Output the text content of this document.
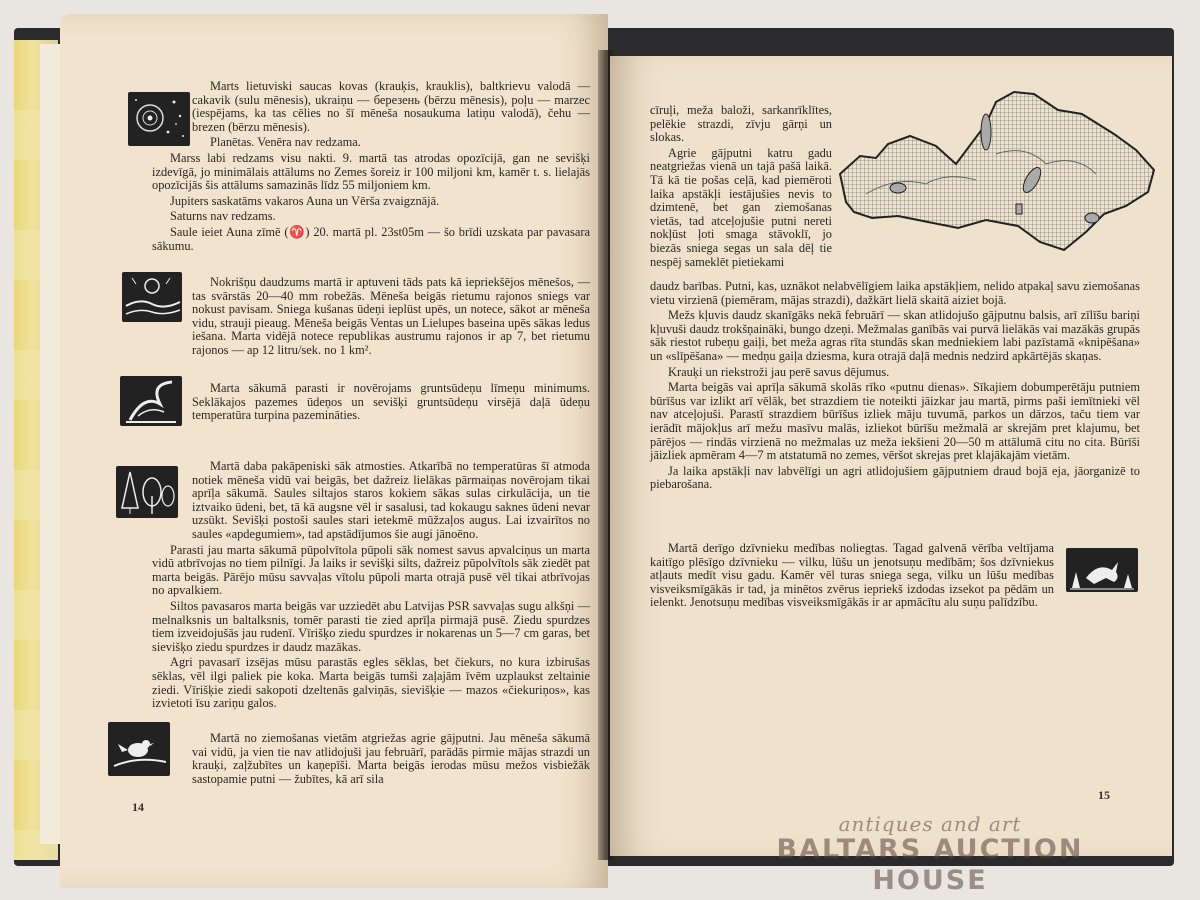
Marts lietuviski saucas kovas (krauķis, krauklis), baltkrievu valodā — cakavik (sulu mēnesis), ukraiņu — березень (bērzu mēnesis), poļu — marzec (iespējams, ka tas cēlies no šī mēneša nosaukuma latiņu valodā), čehu — brezen (bērzu mēnesis).

Planētas. Venēra nav redzama.

Marss labi redzams visu nakti. 9. martā tas atrodas opozīcijā, gan ne sevišķi izdevīgā, jo minimālais attālums no Zemes šoreiz ir 100 miljoni km, kamēr t. s. lielajās opozīcijās šis attālums samazinās līdz 55 miljoniem km.

Jupiters saskatāms vakaros Auna un Vērša zvaigznājā.

Saturns nav redzams.

Saule ieiet Auna zīmē (♈) 20. martā pl. 23st05m — šo brīdi uzskata par pavasara sākumu.

Nokrišņu daudzums martā ir aptuveni tāds pats kā iepriekšējos mēnešos, — tas svārstās 20—40 mm robežās. Mēneša beigās rietumu rajonos sniegs var nokust pavisam. Sniega kušanas ūdeņi ieplūst upēs, un notece, sākot ar mēneša vidu, strauji pieaug. Mēneša beigās Ventas un Lielupes baseina upēs sākas ledus iešana. Marta vidējā notece republikas austrumu rajonos ir ap 7, bet rietumu rajonos — ap 12 litru/sek. no 1 km².

Marta sākumā parasti ir novērojams gruntsūdeņu līmeņu minimums. Seklākajos pazemes ūdeņos un sevišķi gruntsūdeņu virsējā daļā ūdeņu temperatūra turpina pazemināties.

Martā daba pakāpeniski sāk atmosties. Atkarībā no temperatūras šī atmoda notiek mēneša vidū vai beigās, bet dažreiz lielākas pārmaiņas novērojam tikai aprīļa sākumā. Saules siltajos staros kokiem sākas sulas cirkulācija, un tie iztvaiko ūdeni, bet, tā kā augsne vēl ir sasalusi, tad kokaugu saknes ūdeni nevar uzsūkt. Sevišķi postoši saules stari ietekmē mūžzaļos augus. Lai izvairītos no saules «apdegumiem», tad apstādījumos šie augi jānoēno.

Parasti jau marta sākumā pūpolvītola pūpoli sāk nomest savus apvalciņus un marta vidū atbrīvojas no tiem pilnīgi. Ja laiks ir sevišķi silts, dažreiz pūpolvītols sāk ziedēt pat marta beigās. Pārējo mūsu savvaļas vītolu pūpoli marta otrajā pusē vēl tikai atbrīvojas no apvalkiem.

Siltos pavasaros marta beigās var uzziedēt abu Latvijas PSR savvaļas sugu alkšņi — melnalksnis un baltalksnis, tomēr parasti tie zied aprīļa pirmajā pusē. Ziedu spurdzes tiem izveidojušās jau rudenī. Vīrišķo ziedu spurdzes ir nokarenas un 5—7 cm garas, bet sievišķo ziedu spurdzes ir daudz mazākas.

Agri pavasarī izsējas mūsu parastās egles sēklas, bet čiekurs, no kura izbirušas sēklas, vēl ilgi paliek pie koka. Marta beigās tumši zaļajām īvēm uzplaukst zeltainie ziedi. Vīrišķie ziedi sakopoti dzeltenās galviņās, sievišķie — mazos «čiekuriņos», kas izvietoti īsu zariņu galos.

Martā no ziemošanas vietām atgriežas agrie gājputni. Jau mēneša sākumā vai vidū, ja vien tie nav atlidojuši jau februārī, parādās pirmie mājas strazdi un krauķi, zaļžubītes un kaņepīši. Marta beigās ierodas mūsu mežos visbiežāk sastopamie putni — žubītes, kā arī sila

14

cīruļi, meža baloži, sarkanrīklītes, pelēkie strazdi, zīvju gārņi un slokas.

Agrie gājputni katru gadu neatgriežas vienā un tajā pašā laikā. Tā kā tie pošas ceļā, kad piemēroti laika apstākļi iestājušies nevis to dzimtenē, bet gan ziemošanas vietās, tad atceļojušie putni nereti nokļūst ļoti smaga stāvoklī, jo biezās sniega segas un sala dēļ tie nespēj sameklēt pietiekami

daudz barības. Putni, kas, uznākot nelabvēlīgiem laika apstākļiem, nelido atpakaļ savu ziemošanas vietu virzienā (piemēram, mājas strazdi), dažkārt lielā skaitā aiziet bojā.

Mežs kļuvis daudz skanīgāks nekā februārī — skan atlidojušo gājputnu balsis, arī zīlīšu bariņi kļuvuši daudz trokšņaināki, bungo dzeņi. Mežmalas ganībās vai purvā lielākās vai mazākās grupās sāk riestot rubeņu gaiļi, bet meža agras rīta stundās skan medniekiem labi pazīstamā «knipēšana» un «slīpēšana» — medņu gaiļa dziesma, kura otrajā daļā mednis nedzird apkārtējās skaņas.

Krauķi un riekstroži jau perē savus dējumus.

Marta beigās vai aprīļa sākumā skolās rīko «putnu dienas». Sīkajiem dobumperētāju putniem būrīšus var izlikt arī vēlāk, bet strazdiem tie noteikti jāizkar jau martā, pirms paši iemītnieki vēl nav atceļojuši. Parastī strazdiem būrīšus izliek māju tuvumā, parkos un dārzos, taču tiem var ierādīt mājokļus arī mežu masīvu malās, izliekot būrīšu mežmalā ar skrejām pret klajumu, bet pārējos — rindās virzienā no mežmalas uz meža iekšieni 20—50 m attālumā citu no cita. Būrīši jāizliek apmēram 4—7 m atstatumā no zemes, vēršot skrejas pret klajākajām vietām.

Ja laika apstākļi nav labvēlīgi un agri atlidojušiem gājputniem draud bojā eja, jāorganizē to piebarošana.

Martā derīgo dzīvnieku medības noliegtas. Tagad galvenā vērība veltījama kaitīgo plēsīgo dzīvnieku — vilku, lūšu un jenotsuņu medībām; šos dzīvniekus atļauts medīt visu gadu. Kamēr vēl turas sniega sega, vilku un lūšu medības visveiksmīgākās ir tad, ja minētos zvērus iepriekš izdodas izsekot pa pēdām un ielenkt. Jenotsuņu medības visveiksmīgākās ir ar apmācītu alu suņu palīdzību.

15
antiques and art
BALTARS AUCTION HOUSE
